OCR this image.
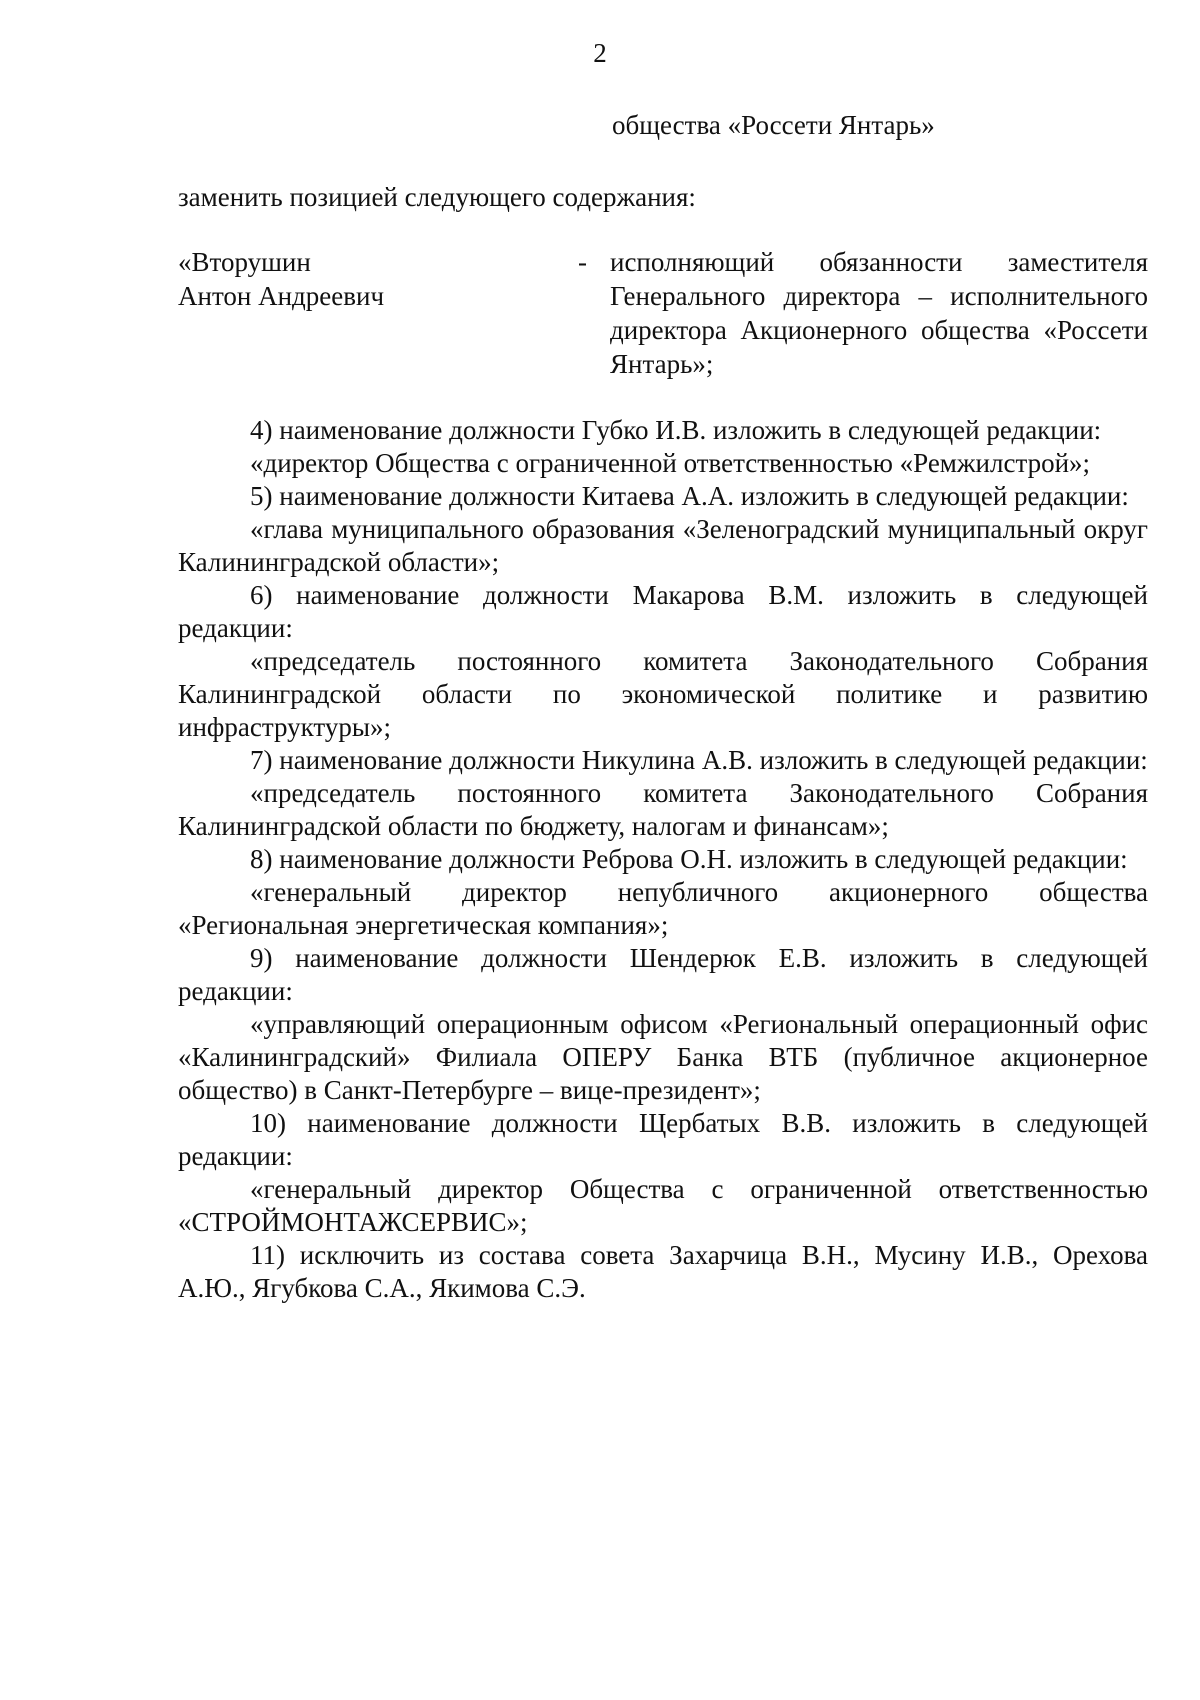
2
общества «Россети Янтарь»
заменить позицией следующего содержания:
«Вторушин
Антон Андреевич
- исполняющий обязанности заместителя Генерального директора – исполнительного директора Акционерного общества «Россети Янтарь»;

4) наименование должности Губко И.В. изложить в следующей редакции:

«директор Общества с ограниченной ответственностью «Ремжилстрой»;

5) наименование должности Китаева А.А. изложить в следующей редакции:

«глава муниципального образования «Зеленоградский муниципальный округ Калининградской области»;

6) наименование должности Макарова В.М. изложить в следующей редакции:

«председатель постоянного комитета Законодательного Собрания Калининградской области по экономической политике и развитию инфраструктуры»;

7) наименование должности Никулина А.В. изложить в следующей редакции:

«председатель постоянного комитета Законодательного Собрания Калининградской области по бюджету, налогам и финансам»;

8) наименование должности Реброва О.Н. изложить в следующей редакции:

«генеральный директор непубличного акционерного общества «Региональная энергетическая компания»;

9) наименование должности Шендерюк Е.В. изложить в следующей редакции:

«управляющий операционным офисом «Региональный операционный офис «Калининградский» Филиала ОПЕРУ Банка ВТБ (публичное акционерное общество) в Санкт-Петербурге – вице-президент»;

10) наименование должности Щербатых В.В. изложить в следующей редакции:

«генеральный директор Общества с ограниченной ответственностью «СТРОЙМОНТАЖСЕРВИС»;

11) исключить из состава совета Захарчица В.Н., Мусину И.В., Орехова А.Ю., Ягубкова С.А., Якимова С.Э.
